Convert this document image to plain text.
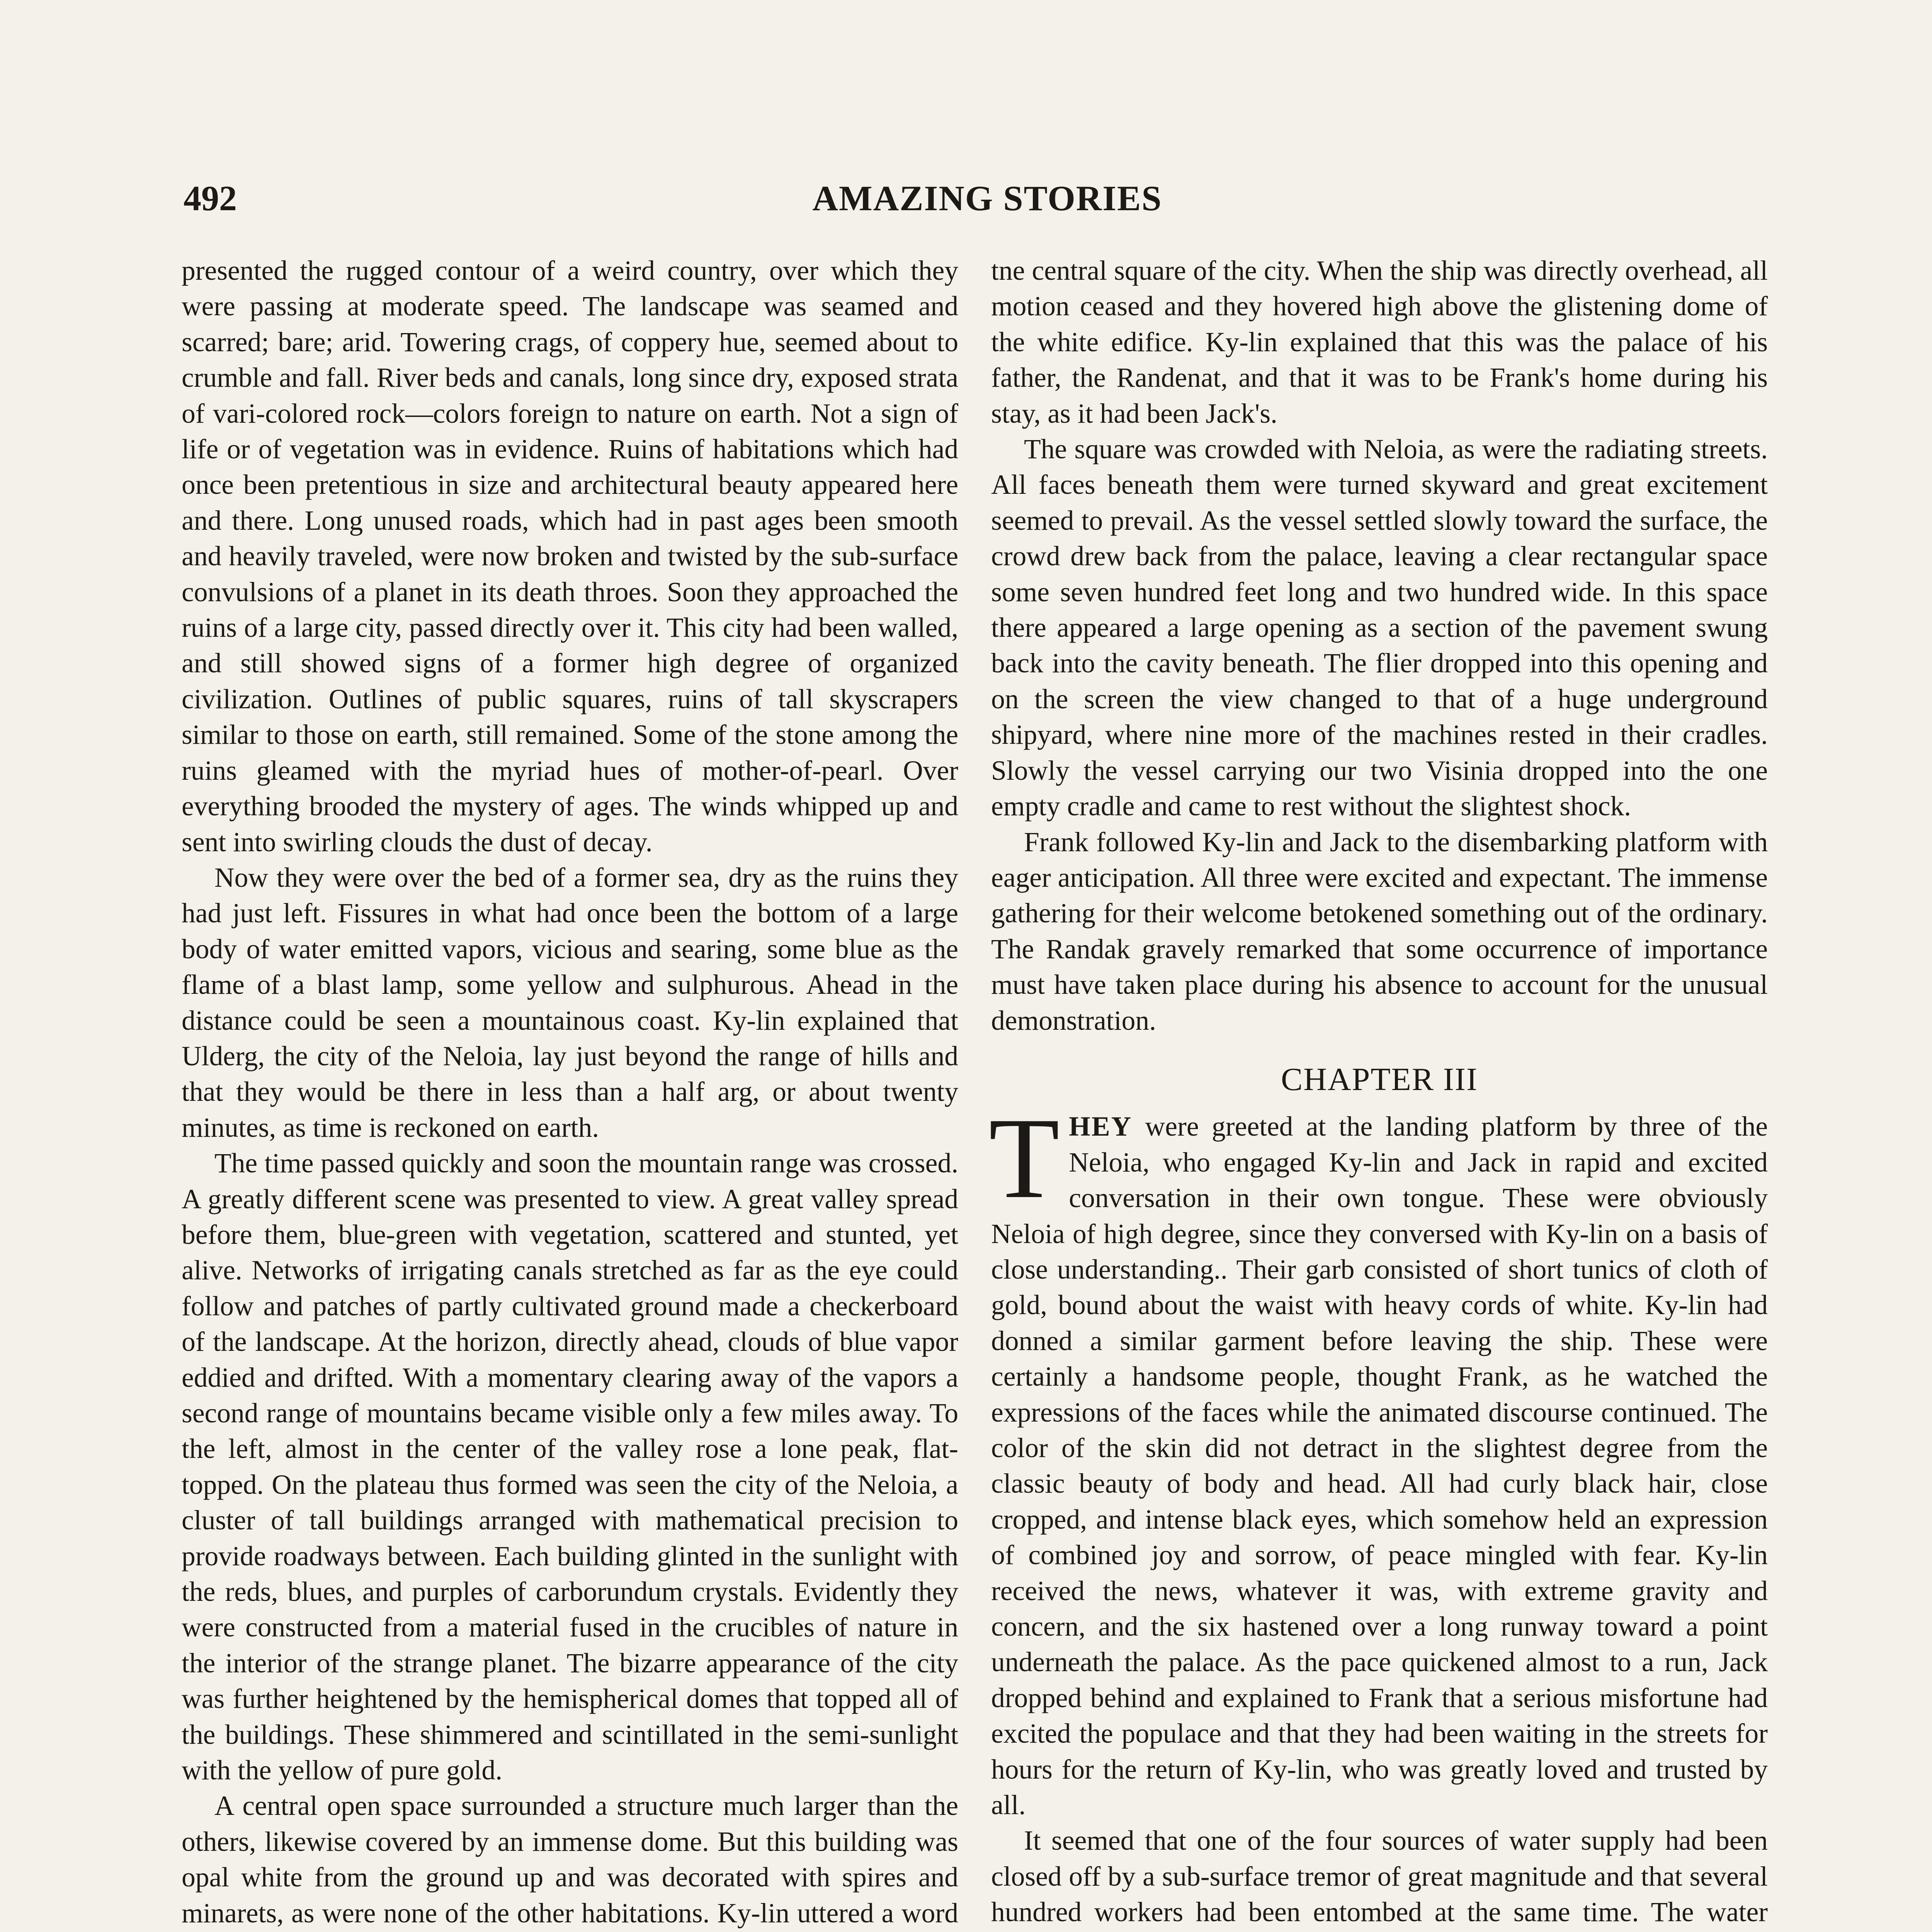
492	AMAZING STORIES

presented the rugged contour of a weird country, over which they were passing at moderate speed. The landscape was seamed and scarred; bare; arid. Towering crags, of coppery hue, seemed about to crumble and fall. River beds and canals, long since dry, exposed strata of vari-colored rock—colors foreign to nature on earth. Not a sign of life or of vegetation was in evidence. Ruins of habitations which had once been pretentious in size and architectural beauty appeared here and there. Long unused roads, which had in past ages been smooth and heavily traveled, were now broken and twisted by the sub-surface convulsions of a planet in its death throes. Soon they approached the ruins of a large city, passed directly over it. This city had been walled, and still showed signs of a former high degree of organized civilization. Outlines of public squares, ruins of tall skyscrapers similar to those on earth, still remained. Some of the stone among the ruins gleamed with the myriad hues of mother-of-pearl. Over everything brooded the mystery of ages. The winds whipped up and sent into swirling clouds the dust of decay.

Now they were over the bed of a former sea, dry as the ruins they had just left. Fissures in what had once been the bottom of a large body of water emitted vapors, vicious and searing, some blue as the flame of a blast lamp, some yellow and sulphurous. Ahead in the distance could be seen a mountainous coast. Ky-lin explained that Ulderg, the city of the Neloia, lay just beyond the range of hills and that they would be there in less than a half arg, or about twenty minutes, as time is reckoned on earth.

The time passed quickly and soon the mountain range was crossed. A greatly different scene was presented to view. A great valley spread before them, blue-green with vegetation, scattered and stunted, yet alive. Networks of irrigating canals stretched as far as the eye could follow and patches of partly cultivated ground made a checkerboard of the landscape. At the horizon, directly ahead, clouds of blue vapor eddied and drifted. With a momentary clearing away of the vapors a second range of mountains became visible only a few miles away. To the left, almost in the center of the valley rose a lone peak, flat-topped. On the plateau thus formed was seen the city of the Neloia, a cluster of tall buildings arranged with mathematical precision to provide roadways between. Each building glinted in the sunlight with the reds, blues, and purples of carborundum crystals. Evidently they were constructed from a material fused in the crucibles of nature in the interior of the strange planet. The bizarre appearance of the city was further heightened by the hemispherical domes that topped all of the buildings. These shimmered and scintillated in the semi-sunlight with the yellow of pure gold.

A central open space surrounded a structure much larger than the others, likewise covered by an immense dome. But this building was opal white from the ground up and was decorated with spires and minarets, as were none of the other habitations. Ky-lin uttered a word

tne central square of the city. When the ship was directly overhead, all motion ceased and they hovered high above the glistening dome of the white edifice. Ky-lin explained that this was the palace of his father, the Randenat, and that it was to be Frank's home during his stay, as it had been Jack's.

The square was crowded with Neloia, as were the radiating streets. All faces beneath them were turned skyward and great excitement seemed to prevail. As the vessel settled slowly toward the surface, the crowd drew back from the palace, leaving a clear rectangular space some seven hundred feet long and two hundred wide. In this space there appeared a large opening as a section of the pavement swung back into the cavity beneath. The flier dropped into this opening and on the screen the view changed to that of a huge underground shipyard, where nine more of the machines rested in their cradles. Slowly the vessel carrying our two Visinia dropped into the one empty cradle and came to rest without the slightest shock.

Frank followed Ky-lin and Jack to the disembarking platform with eager anticipation. All three were excited and expectant. The immense gathering for their welcome betokened something out of the ordinary. The Randak gravely remarked that some occurrence of importance must have taken place during his absence to account for the unusual demonstration.

CHAPTER III

THEY were greeted at the landing platform by three of the Neloia, who engaged Ky-lin and Jack in rapid and excited conversation in their own tongue. These were obviously Neloia of high degree, since they conversed with Ky-lin on a basis of close understanding.. Their garb consisted of short tunics of cloth of gold, bound about the waist with heavy cords of white. Ky-lin had donned a similar garment before leaving the ship. These were certainly a handsome people, thought Frank, as he watched the expressions of the faces while the animated discourse continued. The color of the skin did not detract in the slightest degree from the classic beauty of body and head. All had curly black hair, close cropped, and intense black eyes, which somehow held an expression of combined joy and sorrow, of peace mingled with fear. Ky-lin received the news, whatever it was, with extreme gravity and concern, and the six hastened over a long runway toward a point underneath the palace. As the pace quickened almost to a run, Jack dropped behind and explained to Frank that a serious misfortune had excited the populace and that they had been waiting in the streets for hours for the return of Ky-lin, who was greatly loved and trusted by all.

It seemed that one of the four sources of water supply had been closed off by a sub-surface tremor of great magnitude and that several hundred workers had been entombed at the same time. The water
